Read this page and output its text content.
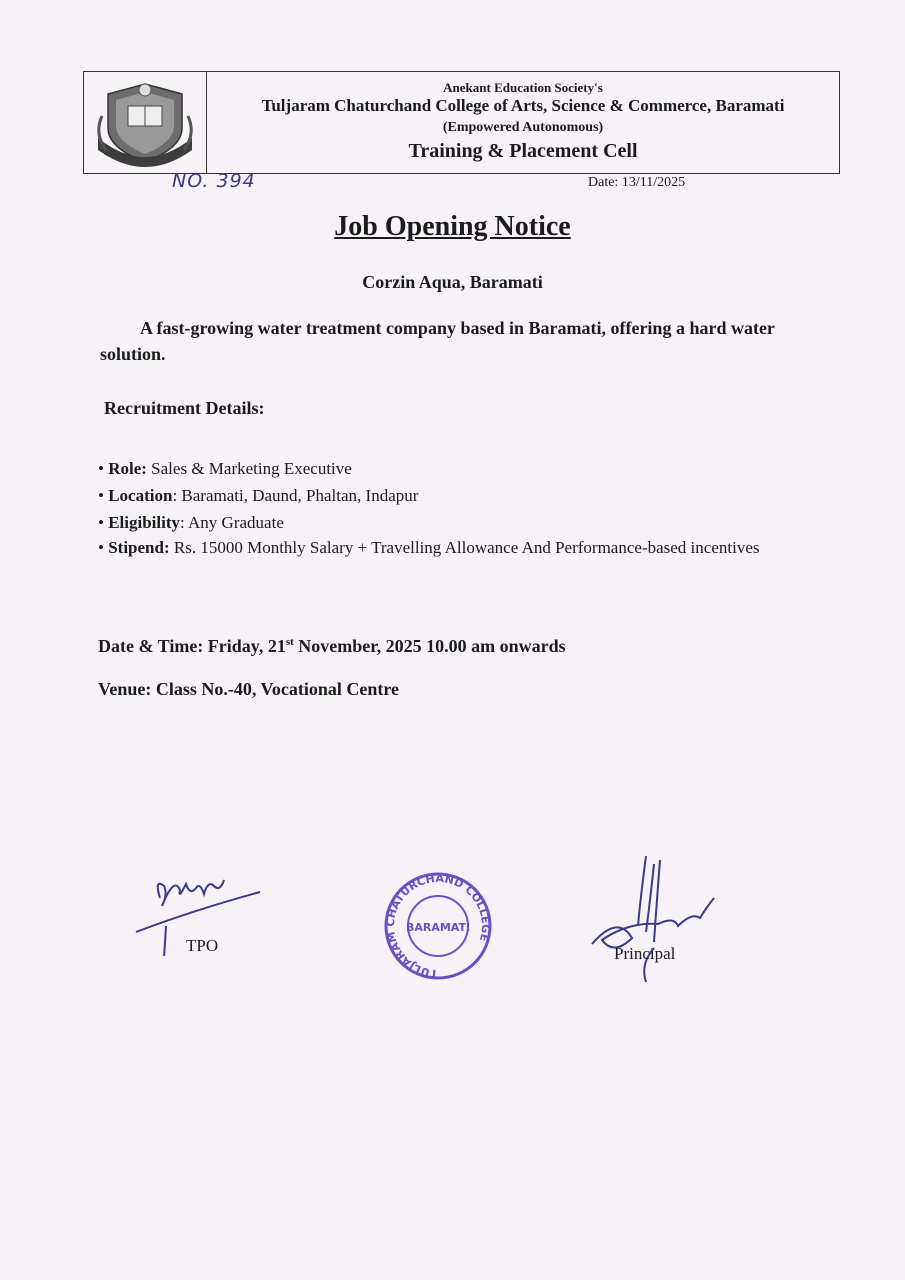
Anekant Education Society's
Tuljaram Chaturchand College of Arts, Science & Commerce, Baramati
(Empowered Autonomous)
Training & Placement Cell
NO. 394	Date: 13/11/2025
Job Opening Notice
Corzin Aqua, Baramati
A fast-growing water treatment company based in Baramati, offering a hard water solution.
Recruitment Details:
• Role: Sales & Marketing Executive
• Location: Baramati, Daund, Phaltan, Indapur
• Eligibility: Any Graduate
• Stipend: Rs. 15000 Monthly Salary + Travelling Allowance And Performance-based incentives
Date & Time: Friday, 21st November, 2025 10.00 am onwards
Venue: Class No.-40, Vocational Centre
TPO
TULJARAM CHATURCHAND COLLEGE
BARAMATI
Principal
